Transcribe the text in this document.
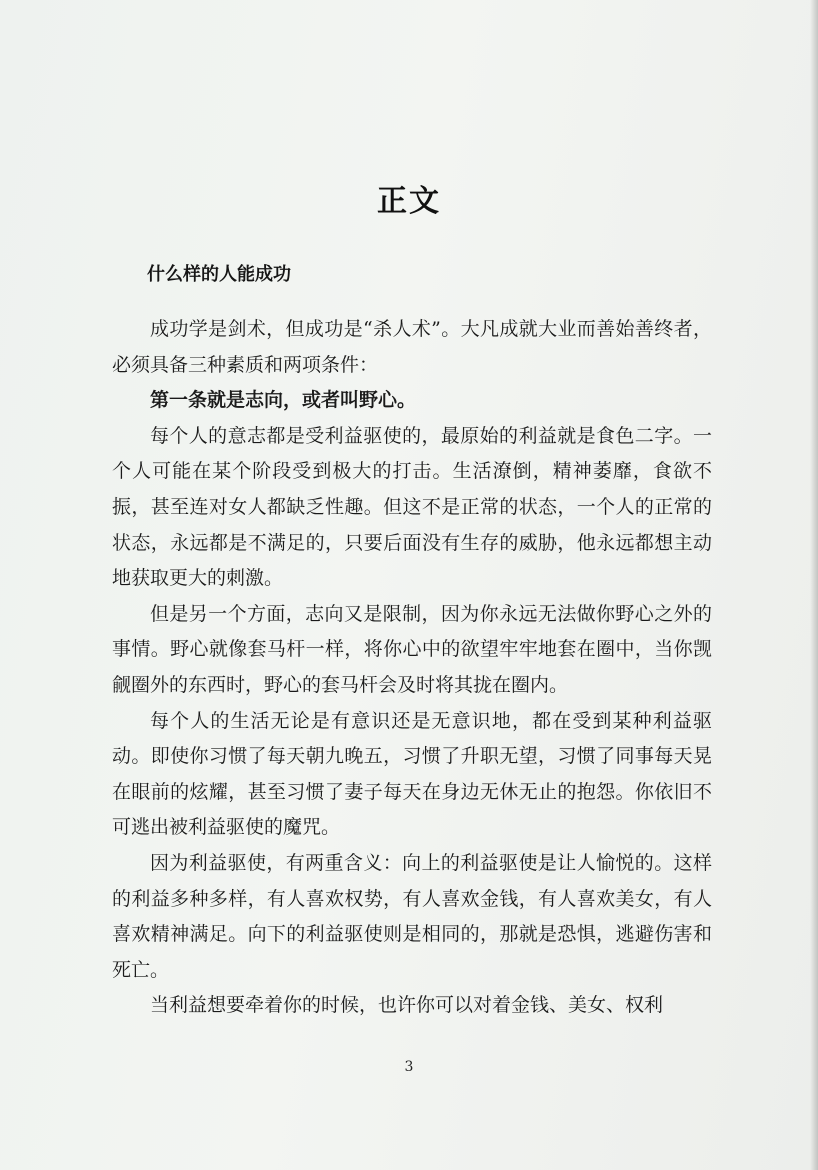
正文
什么样的人能成功

成功学是剑术，但成功是“杀人术”。大凡成就大业而善始善终者，必须具备三种素质和两项条件：

第一条就是志向，或者叫野心。

每个人的意志都是受利益驱使的，最原始的利益就是食色二字。一个人可能在某个阶段受到极大的打击。生活潦倒，精神萎靡，食欲不振，甚至连对女人都缺乏性趣。但这不是正常的状态，一个人的正常的状态，永远都是不满足的，只要后面没有生存的威胁，他永远都想主动地获取更大的刺激。

但是另一个方面，志向又是限制，因为你永远无法做你野心之外的事情。野心就像套马杆一样，将你心中的欲望牢牢地套在圈中，当你觊觎圈外的东西时，野心的套马杆会及时将其拢在圈内。

每个人的生活无论是有意识还是无意识地，都在受到某种利益驱动。即使你习惯了每天朝九晚五，习惯了升职无望，习惯了同事每天晃在眼前的炫耀，甚至习惯了妻子每天在身边无休无止的抱怨。你依旧不可逃出被利益驱使的魔咒。

因为利益驱使，有两重含义：向上的利益驱使是让人愉悦的。这样的利益多种多样，有人喜欢权势，有人喜欢金钱，有人喜欢美女，有人喜欢精神满足。向下的利益驱使则是相同的，那就是恐惧，逃避伤害和死亡。

当利益想要牵着你的时候，也许你可以对着金钱、美女、权利

3
